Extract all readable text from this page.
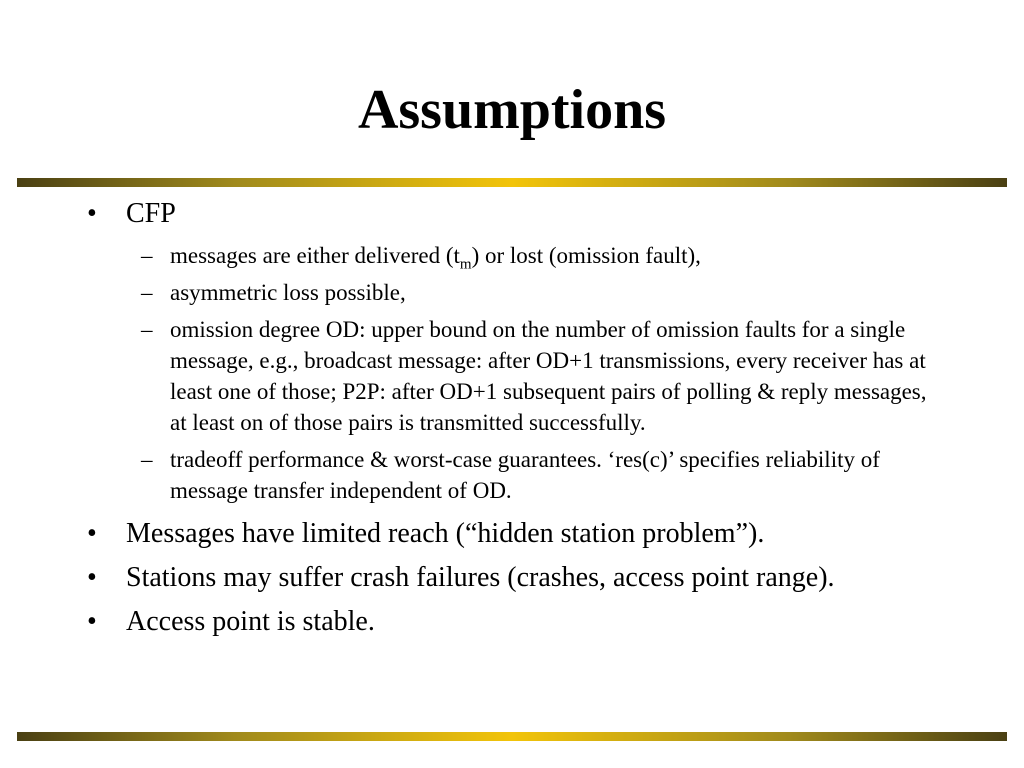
Assumptions
• CFP
– messages are either delivered $(t_m)$ or lost (omission fault),
– asymmetric loss possible,
– omission degree OD: upper bound on the number of omission faults for a single message, e.g., broadcast message: after OD+1 transmissions, every receiver has at least one of those; P2P: after OD+1 subsequent pairs of polling & reply messages, at least on of those pairs is transmitted successfully.
– tradeoff performance & worst-case guarantees. ‘res(c)’ specifies reliability of message transfer independent of OD.
• Messages have limited reach (“hidden station problem”).
• Stations may suffer crash failures (crashes, access point range).
• Access point is stable.
